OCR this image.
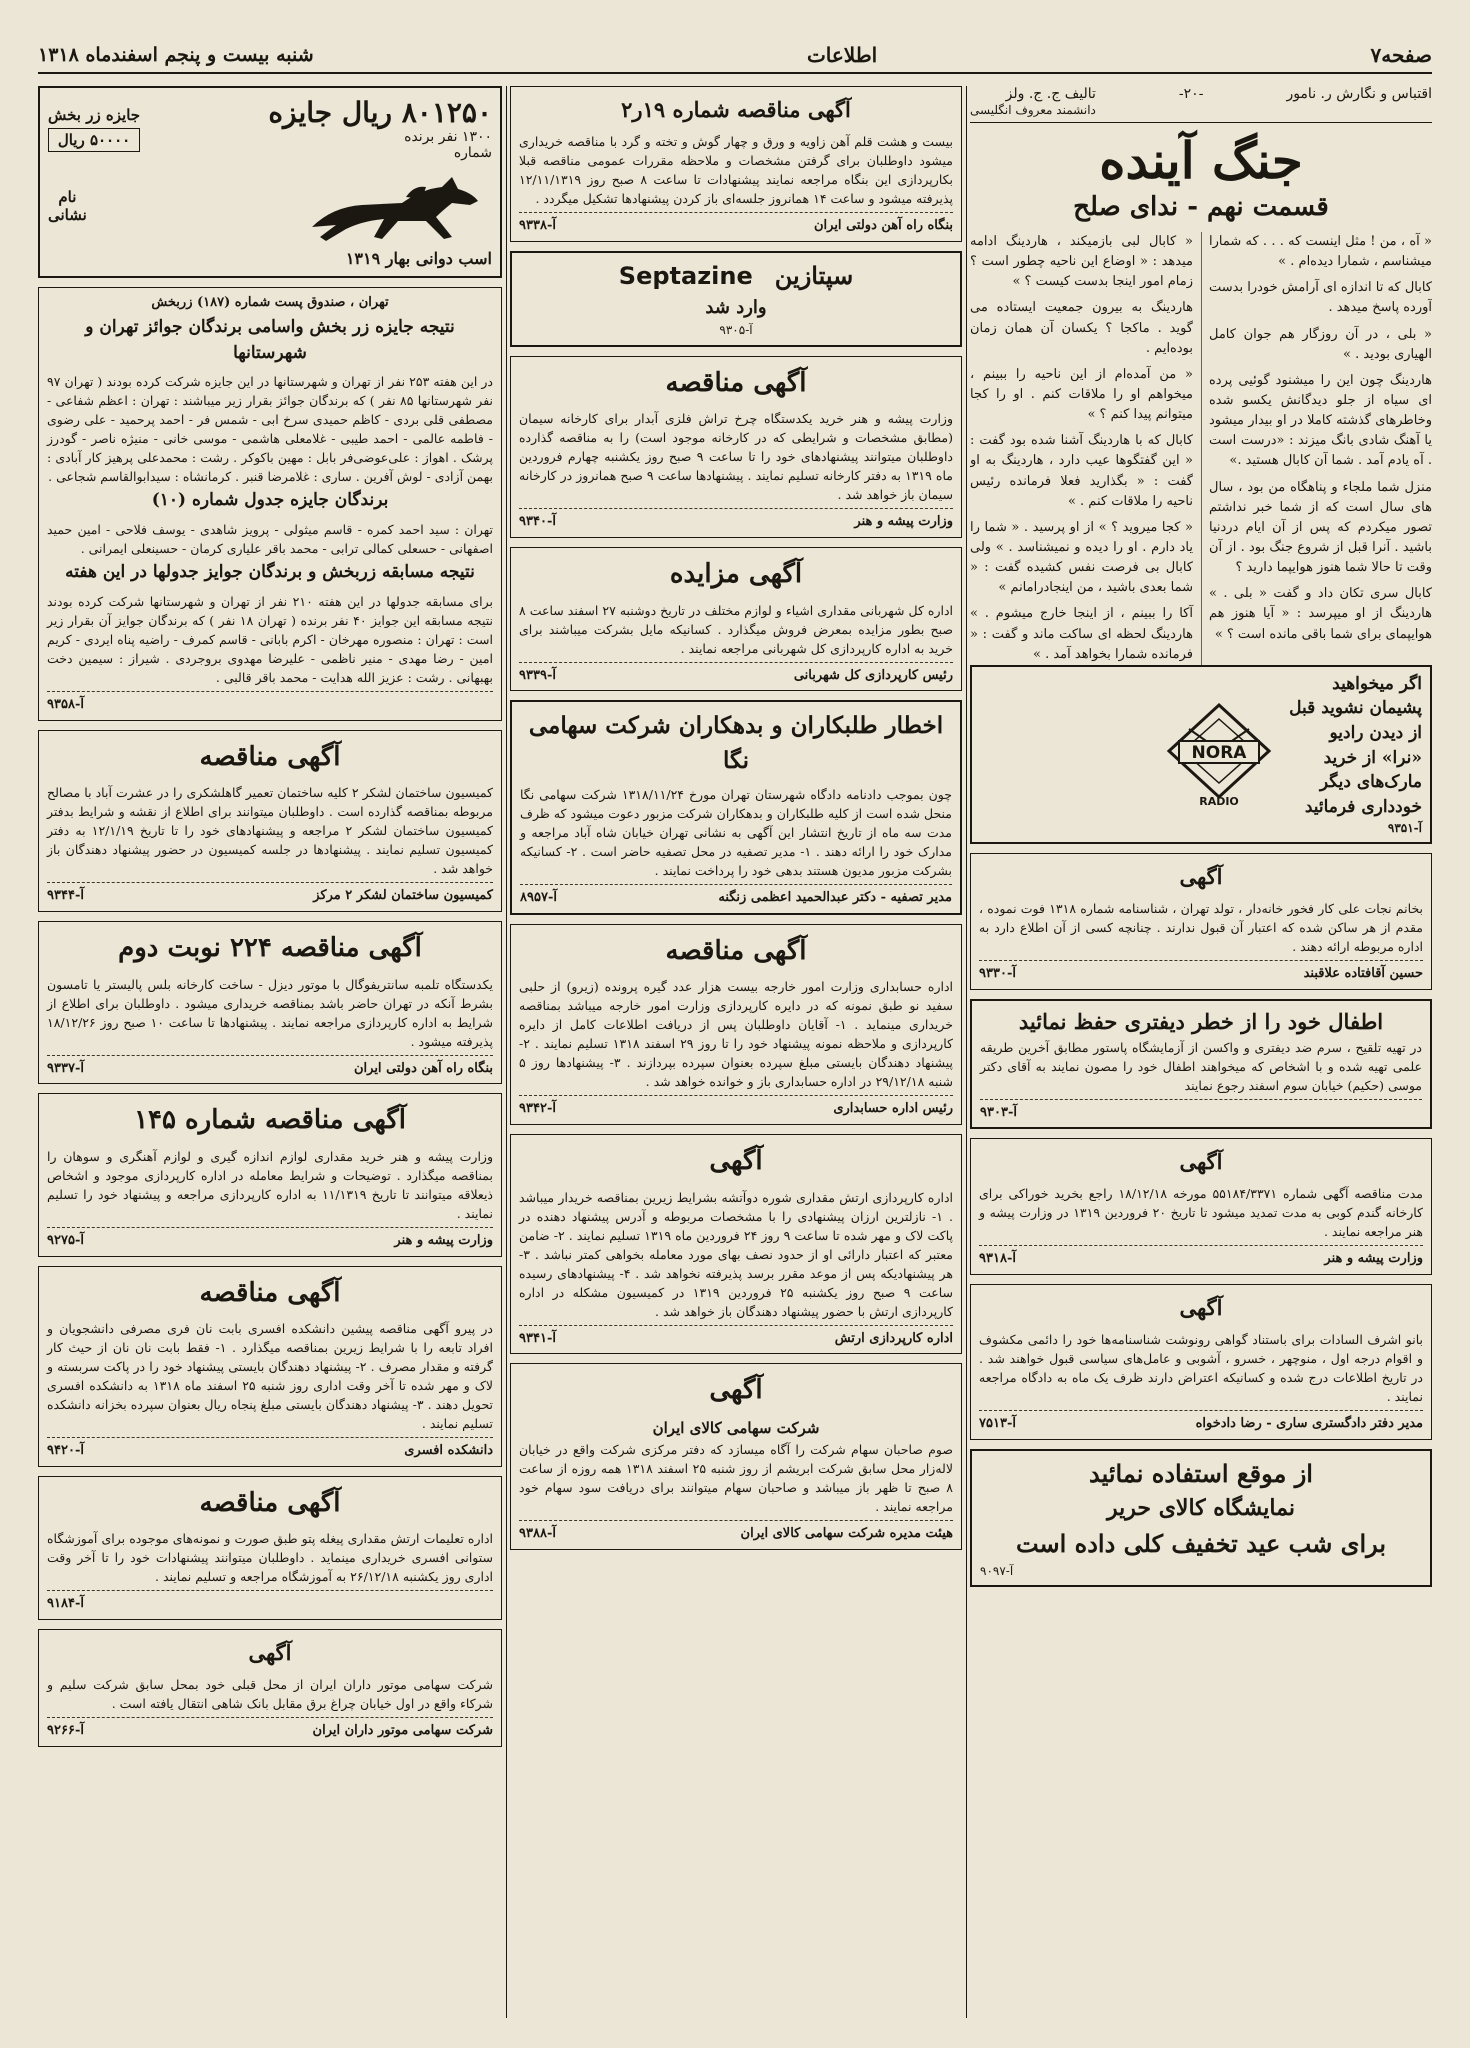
صفحه۷
اطلاعات
شنبه بیست و پنجم اسفند‌ماه ۱۳۱۸
اقتباس و نگارش ر. نامور
-۲۰-
تالیف ج. ج. ولز
دانشمند معروف انگلیسی
جنگ آینده
قسمت نهم - ندای صلح

« آه ، من ! مثل اینست که . . . که شمارا میشناسم ، شمارا دیده‌ام . »

کابال که تا اندازه ای آرامش خودرا بدست آورده پاسخ میدهد .

« بلی ، در آن روزگار هم جوان کامل الهیاری بودید . »

هاردینگ چون این را میشنود گوئیی پرده ای سیاه از جلو دیدگانش یکسو شده وخاطرهای گذشته کاملا در او بیدار میشود یا آهنگ شادی بانگ میزند : «درست است . آه یادم آمد . شما آن کابال هستید .»

منزل شما ملجاء و پناهگاه من بود ، سال های سال است که از شما خبر نداشتم تصور میکردم که پس از آن ایام دردنیا باشید . آنرا قبل از شروع جنگ بود . از آن وقت تا حالا شما هنوز هوایپما دارید ؟

کابال سری تکان داد و گفت « بلی . » هاردینگ از او میپرسد : « آیا هنوز هم هوایپمای برای شما باقی مانده است ؟ »

« کابال لبی بازمیکند ، هاردینگ ادامه میدهد : « اوضاع این ناحیه چطور است ؟ زمام امور اینجا بدست کیست ؟ »

هاردینگ به بیرون جمعیت ایستاده می گوید . ماکجا ؟ یکسان آن همان زمان بوده‌ایم .

« من آمده‌ام از این ناحیه را ببینم ، میخواهم او را ملاقات کنم . او را کجا میتوانم پیدا کنم ؟ »

کابال که با هاردینگ آشنا شده بود گفت : « این گفتگوها عیب دارد ، هاردینگ به او گفت : « بگذارید فعلا فرمانده رئیس ناحیه را ملاقات کنم . »

« کجا میروید ؟ » از او پرسید . « شما را یاد دارم . او را دیده و نمیشناسد . » ولی کابال بی فرصت نفس کشیده گفت : « شما بعدی باشید ، من اینجادرامانم »

آکا را ببینم ، از اینجا خارج میشوم . » هاردینگ لحظه ای ساکت ماند و گفت : « فرمانده شمارا بخواهد آمد . »

اگر میخواهید
پشیمان نشوید قبل
از دیدن رادیو
«نرا» از خرید
مارک‌های دیگر
خودداری فرمائید
آ-۹۳۵۱
NORA
RADIO
آگهی
بخانم نجات علی کار فخور خانه‌دار ، تولد تهران ، شناسنامه شماره ۱۳۱۸ فوت نموده ، مقدم از هر ساکن شده که اعتبار آن قبول ندارند . چنانچه کسی از آن اطلاع دارد به اداره مربوطه ارائه دهند .
حسین آقافتاده علاقبند
آ-۹۳۳۰
اطفال خود را از خطر دیفتری حفظ نمائید
در تهیه تلقیح ، سرم ضد دیفتری و واکسن از آزمایشگاه پاستور مطابق آخرین طریقه علمی تهیه شده و با اشخاص که میخواهند اطفال خود را مصون نمایند به آقای دکتر موسی (حکیم) خیابان سوم اسفند رجوع نمایند
آ-۹۳۰۳
آگهی
مدت مناقصه آگهی شماره ۵۵۱۸۴/۳۳۷۱ مورخه ۱۸/۱۲/۱۸ راجع بخرید خوراکی برای کارخانه گندم کوبی به مدت تمدید میشود تا تاریخ ۲۰ فروردین ۱۳۱۹ در وزارت پیشه و هنر مراجعه نمایند .
وزارت پیشه و هنر
آ-۹۳۱۸
آگهی
بانو اشرف السادات برای باستناد گواهی رونوشت شناسنامه‌ها خود را دائمی مکشوف و اقوام درجه اول ، منوچهر ، خسرو ، آشوبی و عامل‌های سیاسی قبول خواهند شد . در تاریخ اطلاعات درج شده و کسانیکه اعتراض دارند ظرف یک ماه به دادگاه مراجعه نمایند .
مدیر دفتر دادگستری ساری - رضا دادخواه
آ-۷۵۱۳
از موقع استفاده نمائید
نمایشگاه کالای حریر
برای شب عید تخفیف کلی داده است
آ-۹۰۹۷
آگهی مناقصه شماره ۱۹ر۲
بیست و هشت قلم آهن زاویه و ورق و چهار گوش و تخته و گرد با مناقصه خریداری میشود داوطلبان برای گرفتن مشخصات و ملاحظه مقررات عمومی مناقصه قبلا بکارپردازی این بنگاه مراجعه نمایند پیشنهادات تا ساعت ۸ صبح روز ۱۲/۱۱/۱۳۱۹ پذیرفته میشود و ساعت ۱۴ همانروز جلسه‌ای باز کردن پیشنهادها تشکیل میگردد .
بنگاه راه آهن دولتی ایران
آ-۹۳۳۸
سپتازین
Septazine
وارد شد
آ-۹۳۰۵
آگهی مناقصه
وزارت پیشه و هنر خرید یکدستگاه چرخ تراش فلزی آبدار برای کارخانه سیمان (مطابق مشخصات و شرایطی که در کارخانه موجود است) را به مناقصه گذارده داوطلبان میتوانند پیشنهادهای خود را تا ساعت ۹ صبح روز یکشنبه چهارم فروردین ماه ۱۳۱۹ به دفتر کارخانه تسلیم نمایند . پیشنهادها ساعت ۹ صبح همانروز در کارخانه سیمان باز خواهد شد .
وزارت پیشه و هنر
آ-۹۳۴۰
آگهی مزایده
اداره کل شهربانی مقداری اشیاء و لوازم مختلف در تاریخ دوشنبه ۲۷ اسفند ساعت ۸ صبح بطور مزایده بمعرض فروش میگذارد . کسانیکه مایل بشرکت میباشند برای خرید به اداره کارپردازی کل شهربانی مراجعه نمایند .
رئیس کارپردازی کل شهربانی
آ-۹۳۳۹
اخطار طلبکاران و بدهکاران شرکت سهامی نگا
چون بموجب دادنامه دادگاه شهرستان تهران مورخ ۱۳۱۸/۱۱/۲۴ شرکت سهامی نگا منحل شده است از کلیه طلبکاران و بدهکاران شرکت مزبور دعوت میشود که ظرف مدت سه ماه از تاریخ انتشار این آگهی به نشانی تهران خیابان شاه آباد مراجعه و مدارک خود را ارائه دهند . ۱- مدیر تصفیه در محل تصفیه حاضر است . ۲- کسانیکه بشرکت مزبور مدیون هستند بدهی خود را پرداخت نمایند .
مدیر تصفیه - دکتر عبدالحمید اعظمی زنگنه
آ-۸۹۵۷
آگهی مناقصه
اداره حسابداری وزارت امور خارجه بیست هزار عدد گیره پرونده (زیرو) از حلبی سفید نو طبق نمونه که در دایره کارپردازی وزارت امور خارجه میباشد بمناقصه خریداری مینماید . ۱- آقایان داوطلبان پس از دریافت اطلاعات کامل از دایره کارپردازی و ملاحظه نمونه پیشنهاد خود را تا روز ۲۹ اسفند ۱۳۱۸ تسلیم نمایند . ۲- پیشنهاد دهندگان بایستی مبلغ سپرده بعنوان سپرده بپردازند . ۳- پیشنهادها روز ۵ شنبه ۲۹/۱۲/۱۸ در اداره حسابداری باز و خوانده خواهد شد .
رئیس اداره حسابداری
آ-۹۳۴۲
آگهی
اداره کارپردازی ارتش مقداری شوره دوآتشه بشرایط زیرین بمناقصه خریدار میباشد . ۱- نازلترین ارزان پیشنهادی را با مشخصات مربوطه و آدرس پیشنهاد دهنده در پاکت لاک و مهر شده تا ساعت ۹ روز ۲۴ فروردین ماه ۱۳۱۹ تسلیم نمایند . ۲- ضامن معتبر که اعتبار دارائی او از حدود نصف بهای مورد معامله بخواهی کمتر نباشد . ۳- هر پیشنهادیکه پس از موعد مقرر برسد پذیرفته نخواهد شد . ۴- پیشنهادهای رسیده ساعت ۹ صبح روز یکشنبه ۲۵ فروردین ۱۳۱۹ در کمیسیون مشکله در اداره کارپردازی ارتش با حضور پیشنهاد دهندگان باز خواهد شد .
اداره کارپردازی ارتش
آ-۹۳۴۱
آگهی
شرکت سهامی کالای ایران
صوم صاحبان سهام شرکت را آگاه میسازد که دفتر مرکزی شرکت واقع در خیابان لاله‌زار محل سابق شرکت ابریشم از روز شنبه ۲۵ اسفند ۱۳۱۸ همه روزه از ساعت ۸ صبح تا ظهر باز میباشد و صاحبان سهام میتوانند برای دریافت سود سهام خود مراجعه نمایند .
هیئت مدیره شرکت سهامی کالای ایران
آ-۹۳۸۸
۸۰۱۲۵۰ ریال جایزه
۱۳۰۰ نفر برنده
شماره
جایزه زر بخش
۵۰۰۰۰ ریال
نام
نشانی
اسب دوانی بهار ۱۳۱۹
تهران ، صندوق پست شماره (۱۸۷) زربخش
نتیجه جایزه زر بخش واسامی برندگان جوائز تهران و شهرستانها
در این هفته ۲۵۳ نفر از تهران و شهرستانها در این جایزه شرکت کرده بودند ( تهران ۹۷ نفر شهرستانها ۸۵ نفر ) که برندگان جوائز بقرار زیر میباشند : تهران : اعظم شفاعی - مصطفی قلی بردی - کاظم حمیدی سرخ ابی - شمس فر - احمد پرحمید - علی رضوی - فاطمه عالمی - احمد طیبی - غلامعلی هاشمی - موسی خانی - منیژه ناصر - گودرز پرشک . اهواز : علی‌عوضی‌فر بابل : مهین باکوکر . رشت : محمدعلی پرهیز کار آبادی : بهمن آزادی - لوش آفرین . ساری : غلامرضا قنبر . کرمانشاه : سیدابوالقاسم شجاعی .
برندگان جایزه جدول شماره (۱۰)
تهران : سید احمد کمره - قاسم میثولی - پرویز شاهدی - یوسف فلاحی - امین حمید اصفهانی - حسعلی کمالی ترابی - محمد باقر علیاری کرمان - حسینعلی ایمرانی .
نتیجه مسابقه زربخش و برندگان جوایز جدولها در این هفته
برای مسابقه جدولها در این هفته ۲۱۰ نفر از تهران و شهرستانها شرکت کرده بودند نتیجه مسابقه این جوایز ۴۰ نفر برنده ( تهران ۱۸ نفر ) که برندگان جوایز آن بقرار زیر است : تهران : منصوره مهرخان - اکرم بابانی - قاسم کمرف - راضیه پناه ایردی - کریم امین - رضا مهدی - منیر ناظمی - علیرضا مهدوی بروجردی . شیراز : سیمین دخت بهبهانی . رشت : عزیز الله هدایت - محمد باقر قالبی .
آ-۹۳۵۸
آگهی مناقصه
کمیسیون ساختمان لشکر ۲ کلیه ساختمان تعمیر گاهلشکری را در عشرت آباد با مصالح مربوطه بمناقصه گذارده است . داوطلبان میتوانند برای اطلاع از نقشه و شرایط بدفتر کمیسیون ساختمان لشکر ۲ مراجعه و پیشنهادهای خود را تا تاریخ ۱۲/۱/۱۹ به دفتر کمیسیون تسلیم نمایند . پیشنهادها در جلسه کمیسیون در حضور پیشنهاد دهندگان باز خواهد شد .
کمیسیون ساختمان لشکر ۲ مرکز
آ-۹۳۴۴
آگهی مناقصه ۲۲۴ نوبت دوم
یکدستگاه تلمبه سانتریفوگال با موتور دیزل - ساخت کارخانه بلس پالیستر یا تامسون بشرط آنکه در تهران حاضر باشد بمناقصه خریداری میشود . داوطلبان برای اطلاع از شرایط به اداره کارپردازی مراجعه نمایند . پیشنهادها تا ساعت ۱۰ صبح روز ۱۸/۱۲/۲۶ پذیرفته میشود .
بنگاه راه آهن دولتی ایران
آ-۹۳۳۷
آگهی مناقصه شماره ۱۴۵
وزارت پیشه و هنر خرید مقداری لوازم اندازه گیری و لوازم آهنگری و سوهان را بمناقصه میگذارد . توضیحات و شرایط معامله در اداره کارپردازی موجود و اشخاص ذیعلاقه میتوانند تا تاریخ ۱۱/۱۳۱۹ به اداره کارپردازی مراجعه و پیشنهاد خود را تسلیم نمایند .
وزارت پیشه و هنر
آ-۹۲۷۵
آگهی مناقصه
در پیرو آگهی مناقصه پیشین دانشکده افسری بابت نان فری مصرفی دانشجویان و افراد تابعه را با شرایط زیرین بمناقصه میگذارد . ۱- فقط بابت نان نان از حیث کار گرفته و مقدار مصرف . ۲- پیشنهاد دهندگان بایستی پیشنهاد خود را در پاکت سربسته و لاک و مهر شده تا آخر وقت اداری روز شنبه ۲۵ اسفند ماه ۱۳۱۸ به دانشکده افسری تحویل دهند . ۳- پیشنهاد دهندگان بایستی مبلغ پنجاه ریال بعنوان سپرده بخزانه دانشکده تسلیم نمایند .
دانشکده افسری
آ-۹۴۲۰
آگهی مناقصه
اداره تعلیمات ارتش مقداری پیغله پتو طبق صورت و نمونه‌های موجوده برای آموزشگاه ستوانی افسری خریداری مینماید . داوطلبان میتوانند پیشنهادات خود را تا آخر وقت اداری روز یکشنبه ۲۶/۱۲/۱۸ به آموزشگاه مراجعه و تسلیم نمایند .
آ-۹۱۸۴
آگهی
شرکت سهامی موتور داران ایران از محل قبلی خود بمحل سابق شرکت سلیم و شرکاء واقع در اول خیابان چراغ برق مقابل بانک شاهی انتقال یافته است .
شرکت سهامی موتور داران ایران
آ-۹۲۶۶
